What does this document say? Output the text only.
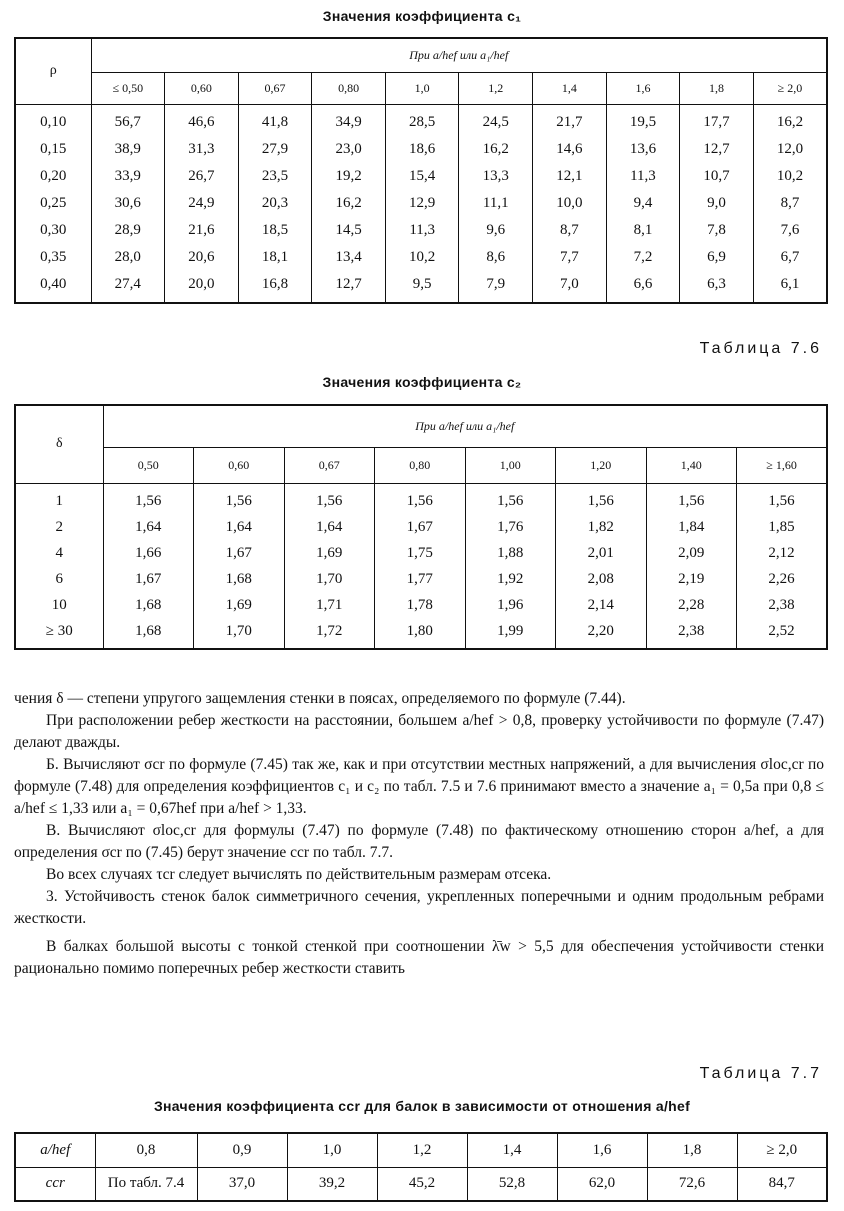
Значения коэффициента c₁
ρ	При a/hef или a₁/hef									
	≤ 0,50	0,60	0,67	0,80	1,0	1,2	1,4	1,6	1,8	≥ 2,0
0,10	56,7	46,6	41,8	34,9	28,5	24,5	21,7	19,5	17,7	16,2
0,15	38,9	31,3	27,9	23,0	18,6	16,2	14,6	13,6	12,7	12,0
0,20	33,9	26,7	23,5	19,2	15,4	13,3	12,1	11,3	10,7	10,2
0,25	30,6	24,9	20,3	16,2	12,9	11,1	10,0	9,4	9,0	8,7
0,30	28,9	21,6	18,5	14,5	11,3	9,6	8,7	8,1	7,8	7,6
0,35	28,0	20,6	18,1	13,4	10,2	8,6	7,7	7,2	6,9	6,7
0,40	27,4	20,0	16,8	12,7	9,5	7,9	7,0	6,6	6,3	6,1
Таблица 7.6
Значения коэффициента c₂
δ	При a/hef или a₁/hef							
	0,50	0,60	0,67	0,80	1,00	1,20	1,40	≥ 1,60
1	1,56	1,56	1,56	1,56	1,56	1,56	1,56	1,56
2	1,64	1,64	1,64	1,67	1,76	1,82	1,84	1,85
4	1,66	1,67	1,69	1,75	1,88	2,01	2,09	2,12
6	1,67	1,68	1,70	1,77	1,92	2,08	2,19	2,26
10	1,68	1,69	1,71	1,78	1,96	2,14	2,28	2,38
≥ 30	1,68	1,70	1,72	1,80	1,99	2,20	2,38	2,52

чения δ — степени упругого защемления стенки в поясах, определяемого по формуле (7.44).

При расположении ребер жесткости на расстоянии, большем a/hef > 0,8, проверку устойчивости по формуле (7.47) делают дважды.

Б. Вычисляют σcr по формуле (7.45) так же, как и при отсутствии местных напряжений, а для вычисления σloc,cr по формуле (7.48) для определения коэффициентов c₁ и c₂ по табл. 7.5 и 7.6 принимают вместо a значение a₁ = 0,5a при 0,8 ≤ a/hef ≤ 1,33 или a₁ = 0,67hef при a/hef > 1,33.

В. Вычисляют σloc,cr для формулы (7.47) по формуле (7.48) по фактическому отношению сторон a/hef, а для определения σcr по (7.45) берут значение ccr по табл. 7.7.

Во всех случаях τcr следует вычислять по действительным размерам отсека.

3. Устойчивость стенок балок симметричного сечения, укрепленных поперечными и одним продольным ребрами жесткости.

В балках большой высоты с тонкой стенкой при соотношении λ̄w > 5,5 для обеспечения устойчивости стенки рационально помимо поперечных ребер жесткости ставить

Таблица 7.7
Значения коэффициента ccr для балок в зависимости от отношения a/hef
a/hef	0,8	0,9	1,0	1,2	1,4	1,6	1,8	≥ 2,0
ccr	По табл. 7.4	37,0	39,2	45,2	52,8	62,0	72,6	84,7
